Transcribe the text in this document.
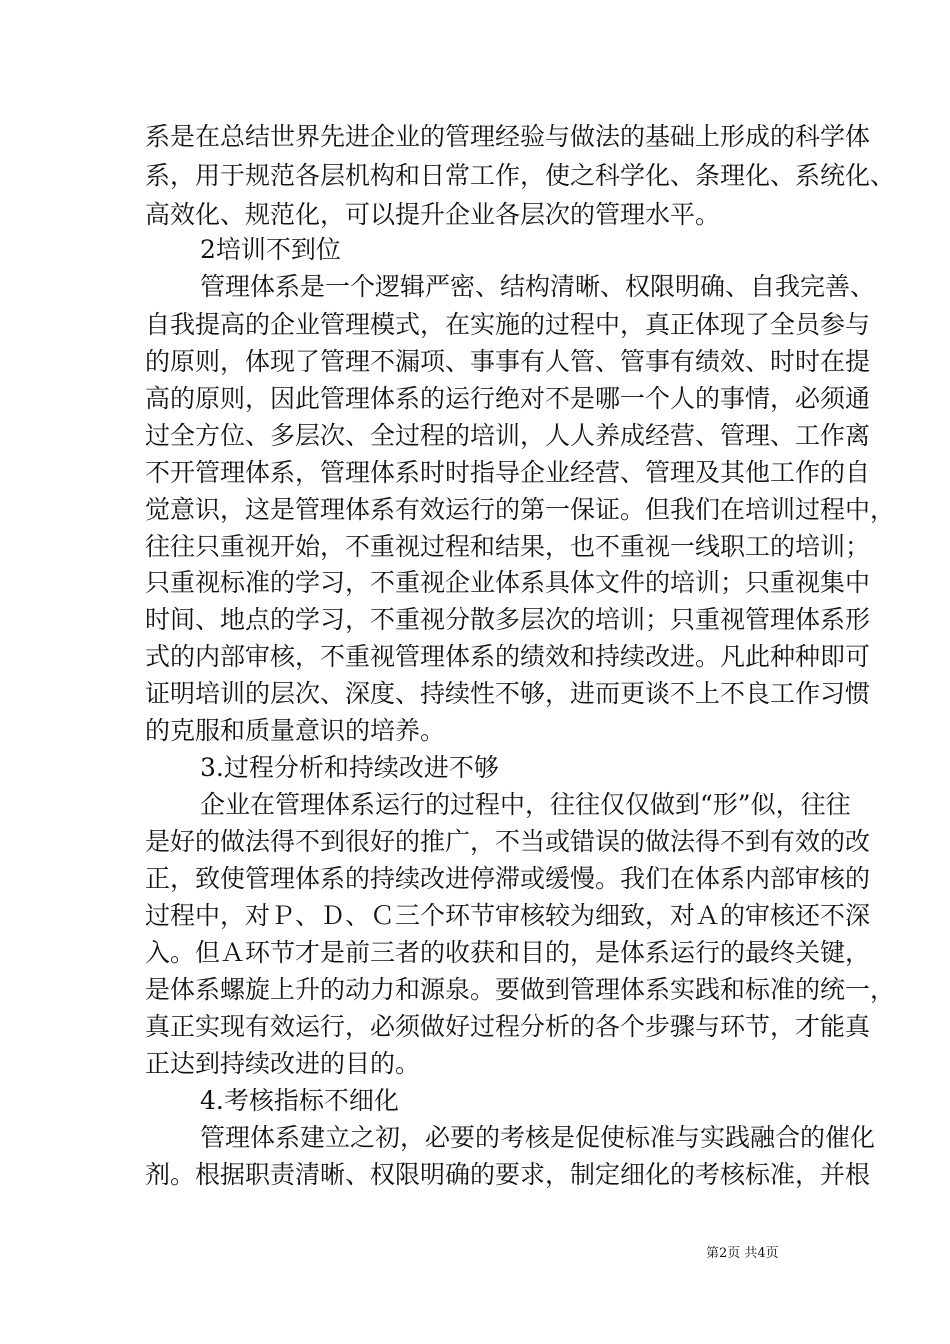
系是在总结世界先进企业的管理经验与做法的基础上形成的科学体
系，用于规范各层机构和日常工作，使之科学化、条理化、系统化、
高效化、规范化，可以提升企业各层次的管理水平。
2培训不到位
管理体系是一个逻辑严密、结构清晰、权限明确、自我完善、
自我提高的企业管理模式，在实施的过程中，真正体现了全员参与
的原则，体现了管理不漏项、事事有人管、管事有绩效、时时在提
高的原则，因此管理体系的运行绝对不是哪一个人的事情，必须通
过全方位、多层次、全过程的培训，人人养成经营、管理、工作离
不开管理体系，管理体系时时指导企业经营、管理及其他工作的自
觉意识，这是管理体系有效运行的第一保证。但我们在培训过程中，
往往只重视开始，不重视过程和结果，也不重视一线职工的培训；
只重视标准的学习，不重视企业体系具体文件的培训；只重视集中
时间、地点的学习，不重视分散多层次的培训；只重视管理体系形
式的内部审核，不重视管理体系的绩效和持续改进。凡此种种即可
证明培训的层次、深度、持续性不够，进而更谈不上不良工作习惯
的克服和质量意识的培养。
3.过程分析和持续改进不够
企业在管理体系运行的过程中，往往仅仅做到“形”似，往往
是好的做法得不到很好的推广，不当或错误的做法得不到有效的改
正，致使管理体系的持续改进停滞或缓慢。我们在体系内部审核的
过程中，对Ｐ、Ｄ、Ｃ三个环节审核较为细致，对Ａ的审核还不深
入。但Ａ环节才是前三者的收获和目的，是体系运行的最终关键，
是体系螺旋上升的动力和源泉。要做到管理体系实践和标准的统一，
真正实现有效运行，必须做好过程分析的各个步骤与环节，才能真
正达到持续改进的目的。
4.考核指标不细化
管理体系建立之初，必要的考核是促使标准与实践融合的催化
剂。根据职责清晰、权限明确的要求，制定细化的考核标准，并根
第2页 共4页
